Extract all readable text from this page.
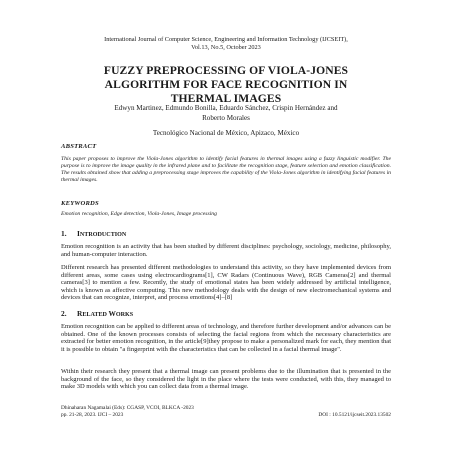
International Journal of Computer Science, Engineering and Information Technology (IJCSEIT),
Vol.13, No.5, October 2023
FUZZY PREPROCESSING OF VIOLA-JONES
ALGORITHM FOR FACE RECOGNITION IN
THERMAL IMAGES
Edwyn Martinez, Edmundo Bonilla, Eduardo Sánchez, Crispin Hernández and
Roberto Morales
Tecnológico Nacional de México, Apizaco, México
ABSTRACT
This paper proposes to improve the Viola-Jones algorithm to identify facial features in thermal images using a fuzzy linguistic modifier. The purpose is to improve the image quality in the infrared plane and to facilitate the recognition stage, feature selection and emotion classification. The results obtained show that adding a preprocessing stage improves the capability of the Viola-Jones algorithm in identifying facial features in thermal images.
KEYWORDS
Emotion recognition, Edge detection, Viola-Jones, Image processing
1. INTRODUCTION
Emotion recognition is an activity that has been studied by different disciplines: psychology, sociology, medicine, philosophy, and human-computer interaction.
Different research has presented different methodologies to understand this activity, so they have implemented devices from different areas, some cases using electrocardiograms[1], CW Radars (Continuous Wave), RGB Cameras[2] and thermal cameras[3] to mention a few. Recently, the study of emotional states has been widely addressed by artificial intelligence, which is known as affective computing. This new methodology deals with the design of new electromechanical systems and devices that can recognize, interpret, and process emotions[4]–[8]
2. RELATED WORKS
Emotion recognition can be applied to different areas of technology, and therefore further development and/or advances can be obtained. One of the known processes consists of selecting the facial regions from which the necessary characteristics are extracted for better emotion recognition, in the article[9]they propose to make a personalized mark for each, they mention that it is possible to obtain "a fingerprint with the characteristics that can be collected in a facial thermal image".
Within their research they present that a thermal image can present problems due to the illumination that is presented in the background of the face, so they considered the light in the place where the tests were conducted, with this, they managed to make 3D models with which you can collect data from a thermal image.
Dhinaharan Nagamalai (Eds): CGASP, VCOI, BLKCA -2023
pp. 21-28, 2023. IJCI – 2023	DOI : 10.5121/ijcseit.2023.13502
